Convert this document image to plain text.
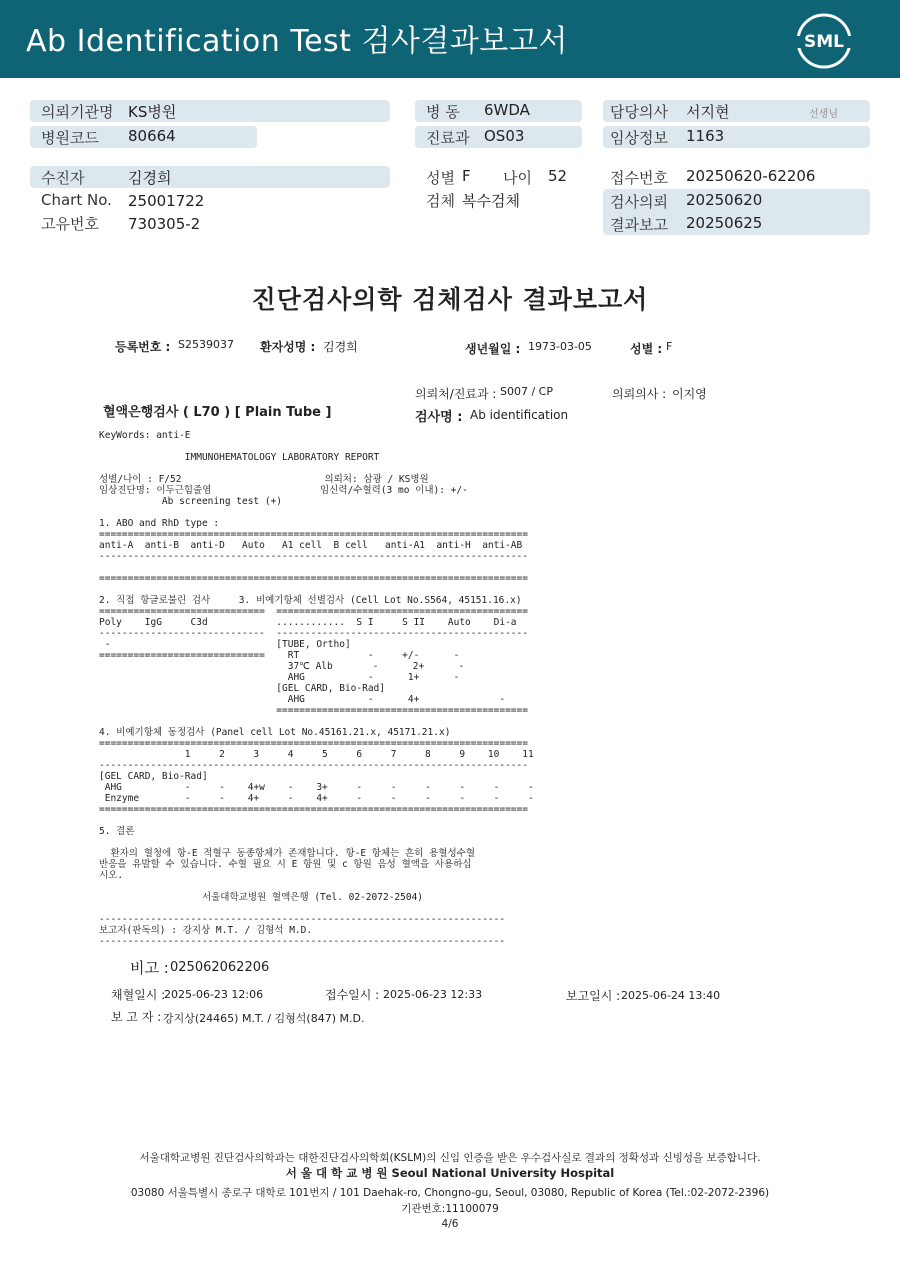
Ab Identification Test 검사결과보고서	SML
의뢰기관명 KS병원
병원코드 80664
병 동 6WDA
진료과 OS03
담당의사 서지현	선생님
임상정보 1163
수진자	김경희
Chart No. 25001722
고유번호 730305-2
성별 F 나이 52
검체 복수검체
접수번호 20250620-62206
검사의뢰 20250620
결과보고 20250625
진단검사의학 검체검사 결과보고서
등록번호 : S2539037 환자성명 : 김경희	생년월일 : 1973-03-05	성별 : F
의뢰처/진료과 : S007 / CP	의뢰의사 : 이지영
혈액은행검사 ( L70 ) [ Plain Tube ]	검사명 : Ab identification
KeyWords: anti-E

IMMUNOHEMATOLOGY LABORATORY REPORT

성별/나이 : F/52                         의뢰처: 삼광 / KS병원
임상진단명: 이두근힘줄염                   임신력/수혈력(3 mo 이내): +/-
Ab screening test (+)

1. ABO and RhD type :
===========================================================================
anti-A  anti-B  anti-D   Auto   A1 cell  B cell   anti-A1  anti-H  anti-AB
---------------------------------------------------------------------------

===========================================================================

2. 직접 항글로불린 검사     3. 비예기항체 선별검사 (Cell Lot No.S564, 45151.16.x)
=============================  ============================================
Poly    IgG     C3d            ............  S I     S II    Auto    Di-a
-----------------------------  --------------------------------------------
-                             [TUBE, Ortho]
=============================    RT            -     +/-      -
37℃ Alb       -      2+      -
AHG           -      1+      -
[GEL CARD, Bio-Rad]
AHG           -      4+              -
============================================

4. 비예기항체 동정검사 (Panel cell Lot No.45161.21.x, 45171.21.x)
===========================================================================
1     2     3     4     5     6     7     8     9    10    11
---------------------------------------------------------------------------
[GEL CARD, Bio-Rad]
AHG           -     -    4+w    -    3+     -     -     -     -     -     -
Enzyme        -     -    4+     -    4+     -     -     -     -     -     -
===========================================================================

5. 결론

환자의 혈청에 항-E 적혈구 동종항체가 존재합니다. 항-E 항체는 흔히 용혈성수혈
반응을 유발할 수 있습니다. 수혈 필요 시 E 항원 및 c 항원 음성 혈액을 사용하십
시오.

서울대학교병원 혈액은행 (Tel. 02-2072-2504)

-----------------------------------------------------------------------
보고자(판독의) : 강지상 M.T. / 김형석 M.D.
-----------------------------------------------------------------------
비고 : 025062062206
채혈일시 :
2025-06-23 12:06	접수일시 : 2025-06-23 12:33	보고일시 : 2025-06-24 13:40
보 고 자 : 강지상(24465) M.T. / 김형석(847) M.D.
서울대학교병원 진단검사의학과는 대한진단검사의학회(KSLM)의 신임 인증을 받은 우수검사실로 결과의 정확성과 신빙성을 보증합니다.
서 울 대 학 교 병 원 Seoul National University Hospital
03080 서울특별시 종로구 대학로 101번지 / 101 Daehak-ro, Chongno-gu, Seoul, 03080, Republic of Korea (Tel.:02-2072-2396)
기관번호:11100079
4/6
